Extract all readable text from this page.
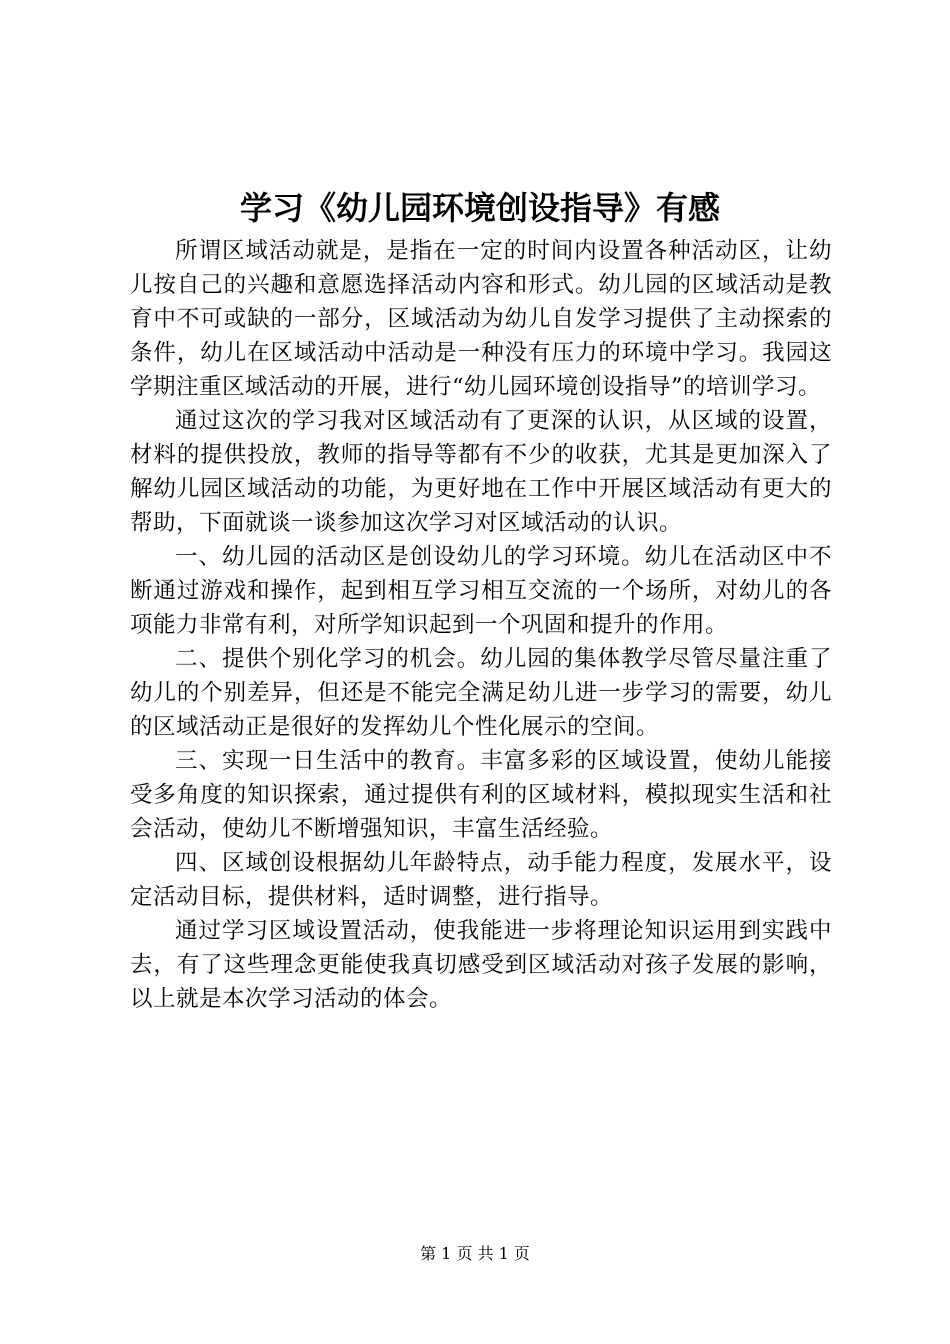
学习《幼儿园环境创设指导》有感

所谓区域活动就是，是指在一定的时间内设置各种活动区，让幼儿按自己的兴趣和意愿选择活动内容和形式。幼儿园的区域活动是教育中不可或缺的一部分，区域活动为幼儿自发学习提供了主动探索的条件，幼儿在区域活动中活动是一种没有压力的环境中学习。我园这学期注重区域活动的开展，进行“幼儿园环境创设指导”的培训学习。

通过这次的学习我对区域活动有了更深的认识，从区域的设置，材料的提供投放，教师的指导等都有不少的收获，尤其是更加深入了解幼儿园区域活动的功能，为更好地在工作中开展区域活动有更大的帮助，下面就谈一谈参加这次学习对区域活动的认识。

一、幼儿园的活动区是创设幼儿的学习环境。幼儿在活动区中不断通过游戏和操作，起到相互学习相互交流的一个场所，对幼儿的各项能力非常有利，对所学知识起到一个巩固和提升的作用。

二、提供个别化学习的机会。幼儿园的集体教学尽管尽量注重了幼儿的个别差异，但还是不能完全满足幼儿进一步学习的需要，幼儿的区域活动正是很好的发挥幼儿个性化展示的空间。

三、实现一日生活中的教育。丰富多彩的区域设置，使幼儿能接受多角度的知识探索，通过提供有利的区域材料，模拟现实生活和社会活动，使幼儿不断增强知识，丰富生活经验。

四、区域创设根据幼儿年龄特点，动手能力程度，发展水平，设定活动目标，提供材料，适时调整，进行指导。

通过学习区域设置活动，使我能进一步将理论知识运用到实践中去，有了这些理念更能使我真切感受到区域活动对孩子发展的影响，以上就是本次学习活动的体会。

第 1 页 共 1 页
